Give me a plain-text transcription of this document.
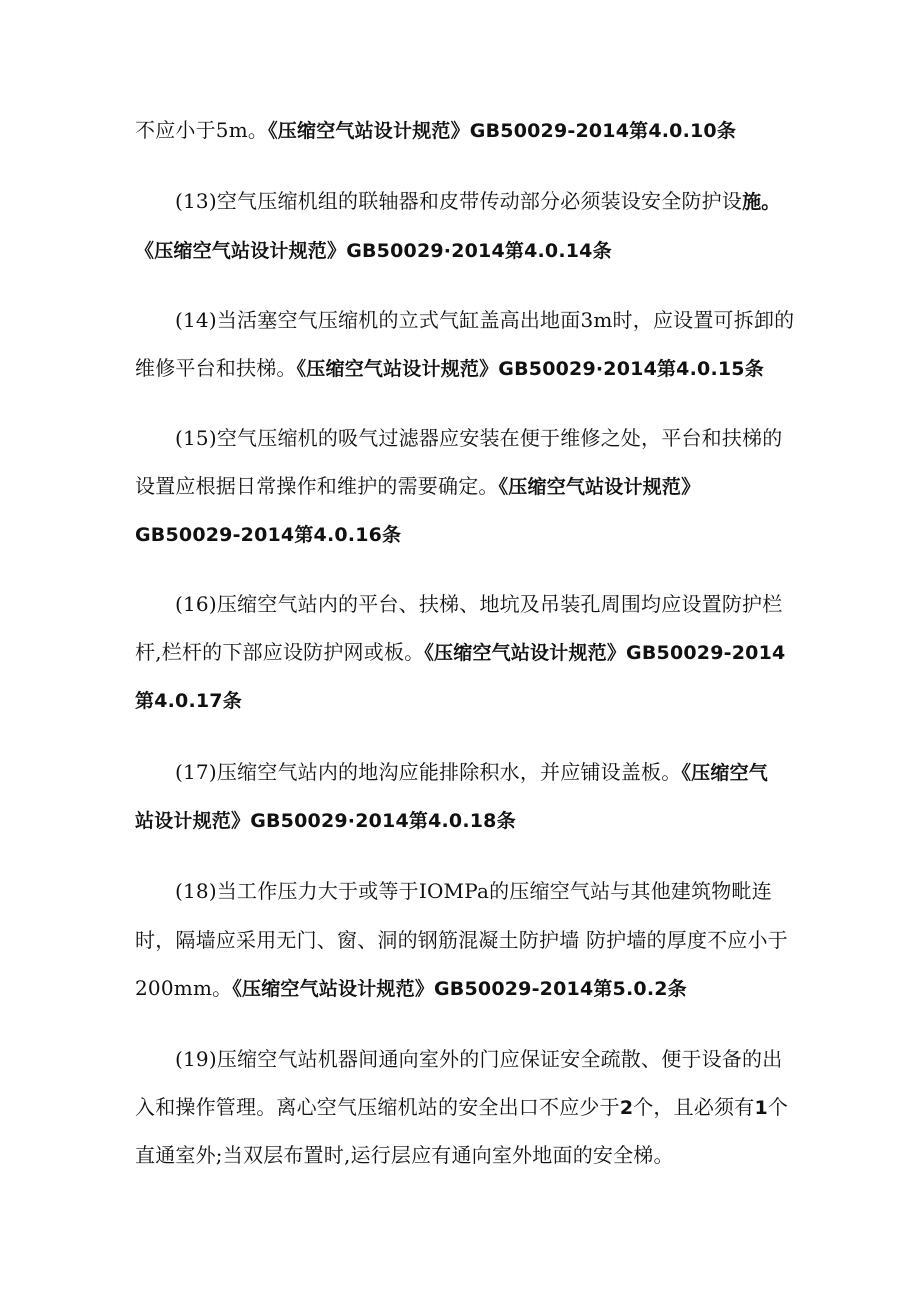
不应小于5m。《压缩空气站设计规范》GB50029-2014第4.0.10条
(13)空气压缩机组的联轴器和皮带传动部分必须装设安全防护设施。
《压缩空气站设计规范》GB50029·2014第4.0.14条
(14)当活塞空气压缩机的立式气缸盖高出地面3m时，应设置可拆卸的
维修平台和扶梯。《压缩空气站设计规范》GB50029·2014第4.0.15条
(15)空气压缩机的吸气过滤器应安装在便于维修之处，平台和扶梯的
设置应根据日常操作和维护的需要确定。《压缩空气站设计规范》
GB50029-2014第4.0.16条
(16)压缩空气站内的平台、扶梯、地坑及吊装孔周围均应设置防护栏
杆,栏杆的下部应设防护网或板。《压缩空气站设计规范》GB50029-2014
第4.0.17条
(17)压缩空气站内的地沟应能排除积水，并应铺设盖板。《压缩空气
站设计规范》GB50029·2014第4.0.18条
(18)当工作压力大于或等于IOMPa的压缩空气站与其他建筑物毗连
时，隔墙应采用无门、窗、洞的钢筋混凝土防护墙 防护墙的厚度不应小于
200mm。《压缩空气站设计规范》GB50029-2014第5.0.2条
(19)压缩空气站机器间通向室外的门应保证安全疏散、便于设备的出
入和操作管理。离心空气压缩机站的安全出口不应少于2个，且必须有1个
直通室外;当双层布置时,运行层应有通向室外地面的安全梯。
